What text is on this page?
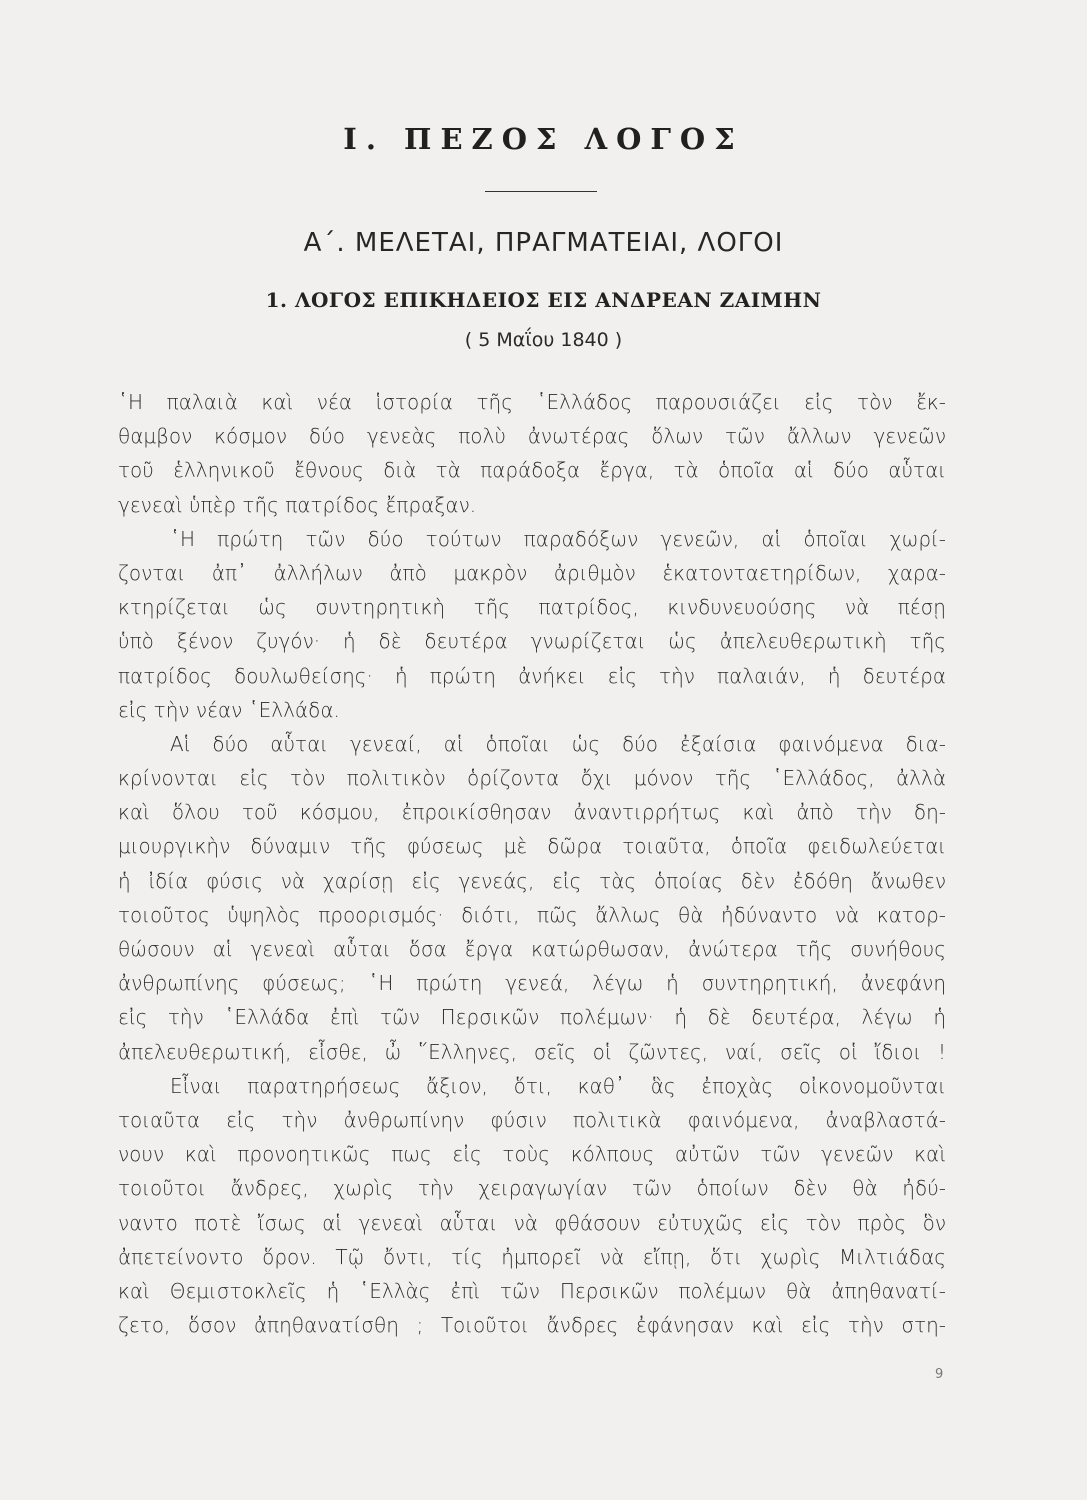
Ι. ΠΕΖΟΣ ΛΟΓΟΣ
Α΄. ΜΕΛΕΤΑΙ, ΠΡΑΓΜΑΤΕΙΑΙ, ΛΟΓΟΙ
1. ΛΟΓΟΣ ΕΠΙΚΗΔΕΙΟΣ ΕΙΣ ΑΝΔΡΕΑΝ ΖΑΙΜΗΝ
( 5 Μαΐου 1840 )
῾Η παλαιὰ καὶ νέα ἱστορία τῆς ῾Ελλάδος παρουσιάζει εἰς τὸν ἔκ-
θαμβον κόσμον δύο γενεὰς πολὺ ἀνωτέρας ὅλων τῶν ἄλλων γενεῶν
τοῦ ἑλληνικοῦ ἔθνους διὰ τὰ παράδοξα ἔργα, τὰ ὁποῖα αἱ δύο αὗται
γενεαὶ ὑπὲρ τῆς πατρίδος ἔπραξαν.
῾Η πρώτη τῶν δύο τούτων παραδόξων γενεῶν, αἱ ὁποῖαι χωρί-
ζονται ἀπ᾿ ἀλλήλων ἀπὸ μακρὸν ἀριθμὸν ἑκατονταετηρίδων, χαρα-
κτηρίζεται ὡς συντηρητικὴ τῆς πατρίδος, κινδυνευούσης νὰ πέσῃ
ὑπὸ ξένον ζυγόν· ἡ δὲ δευτέρα γνωρίζεται ὡς ἀπελευθερωτικὴ τῆς
πατρίδος δουλωθείσης· ἡ πρώτη ἀνήκει εἰς τὴν παλαιάν, ἡ δευτέρα
εἰς τὴν νέαν ῾Ελλάδα.
Αἱ δύο αὗται γενεαί, αἱ ὁποῖαι ὡς δύο ἐξαίσια φαινόμενα δια-
κρίνονται εἰς τὸν πολιτικὸν ὁρίζοντα ὄχι μόνον τῆς ῾Ελλάδος, ἀλλὰ
καὶ ὅλου τοῦ κόσμου, ἐπροικίσθησαν ἀναντιρρήτως καὶ ἀπὸ τὴν δη-
μιουργικὴν δύναμιν τῆς φύσεως μὲ δῶρα τοιαῦτα, ὁποῖα φειδωλεύεται
ἡ ἰδία φύσις νὰ χαρίσῃ εἰς γενεάς, εἰς τὰς ὁποίας δὲν ἐδόθη ἄνωθεν
τοιοῦτος ὑψηλὸς προορισμός· διότι, πῶς ἄλλως θὰ ἠδύναντο νὰ κατορ-
θώσουν αἱ γενεαὶ αὗται ὅσα ἔργα κατώρθωσαν, ἀνώτερα τῆς συνήθους
ἀνθρωπίνης φύσεως; ῾Η πρώτη γενεά, λέγω ἡ συντηρητική, ἀνεφάνη
εἰς τὴν ῾Ελλάδα ἐπὶ τῶν Περσικῶν πολέμων· ἡ δὲ δευτέρα, λέγω ἡ
ἀπελευθερωτική, εἶσθε, ὦ ῞Ελληνες, σεῖς οἱ ζῶντες, ναί, σεῖς οἱ ἴδιοι !
Εἶναι παρατηρήσεως ἄξιον, ὅτι, καθ᾿ ἃς ἐποχὰς οἰκονομοῦνται
τοιαῦτα εἰς τὴν ἀνθρωπίνην φύσιν πολιτικὰ φαινόμενα, ἀναβλαστά-
νουν καὶ προνοητικῶς πως εἰς τοὺς κόλπους αὐτῶν τῶν γενεῶν καὶ
τοιοῦτοι ἄνδρες, χωρὶς τὴν χειραγωγίαν τῶν ὁποίων δὲν θὰ ἠδύ-
ναντο ποτὲ ἴσως αἱ γενεαὶ αὗται νὰ φθάσουν εὐτυχῶς εἰς τὸν πρὸς ὃν
ἀπετείνοντο ὅρον. Τῷ ὄντι, τίς ἠμπορεῖ νὰ εἴπῃ, ὅτι χωρὶς Μιλτιάδας
καὶ Θεμιστοκλεῖς ἡ ῾Ελλὰς ἐπὶ τῶν Περσικῶν πολέμων θὰ ἀπηθανατί-
ζετο, ὅσον ἀπηθανατίσθη ; Τοιοῦτοι ἄνδρες ἐφάνησαν καὶ εἰς τὴν στη-
9
